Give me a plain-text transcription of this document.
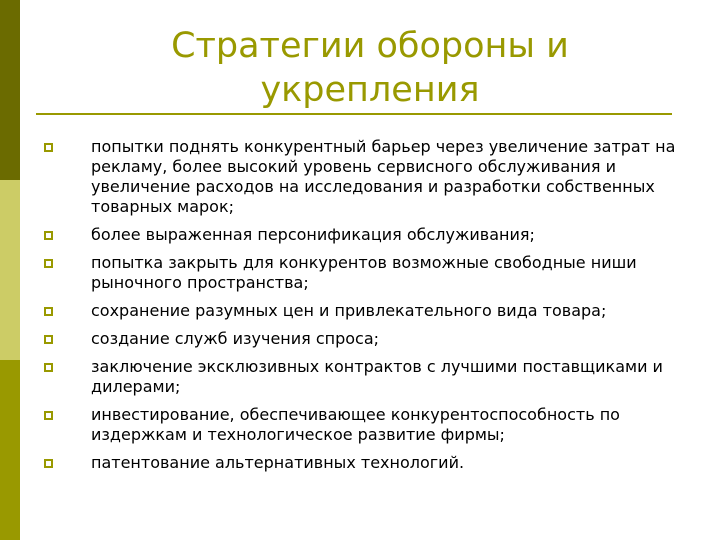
Стратегии обороны и укрепления
попытки поднять конкурентный барьер через увеличение затрат на рекламу, более высокий уровень сервисного обслуживания и увеличение расходов на исследования и разработки собственных товарных марок;
более выраженная персонификация обслуживания;
попытка закрыть для конкурентов возможные свободные ниши рыночного пространства;
сохранение разумных цен и привлекательного вида товара;
создание служб изучения спроса;
заключение эксклюзивных контрактов с лучшими поставщиками и дилерами;
инвестирование, обеспечивающее конкурентоспособность по издержкам и технологическое развитие фирмы;
патентование альтернативных технологий.
